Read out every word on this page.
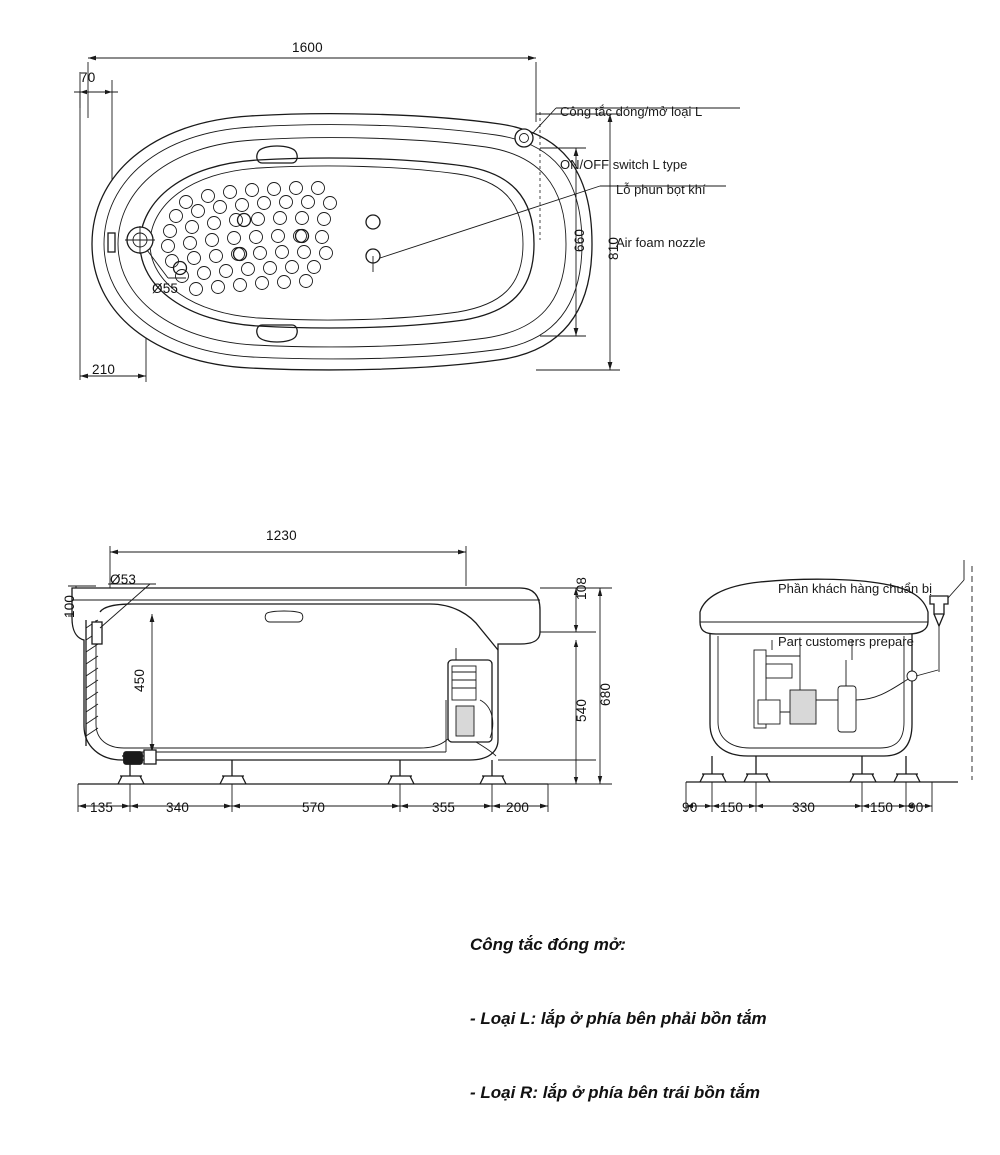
1600
70
210
660 810
Ø55

Công tắc đóng/mở loại L

ON/OFF switch L type

Lỗ phun bọt khí

Air foam nozzle

1230
100
Ø53
450
108
540
680
135	340	570	355	200

Phần khách hàng chuẩn bị

Part customers prepare

90 150	330	150 90

Công tắc đóng mở:

- Loại L: lắp ở phía bên phải bồn tắm

- Loại R: lắp ở phía bên trái bồn tắm
